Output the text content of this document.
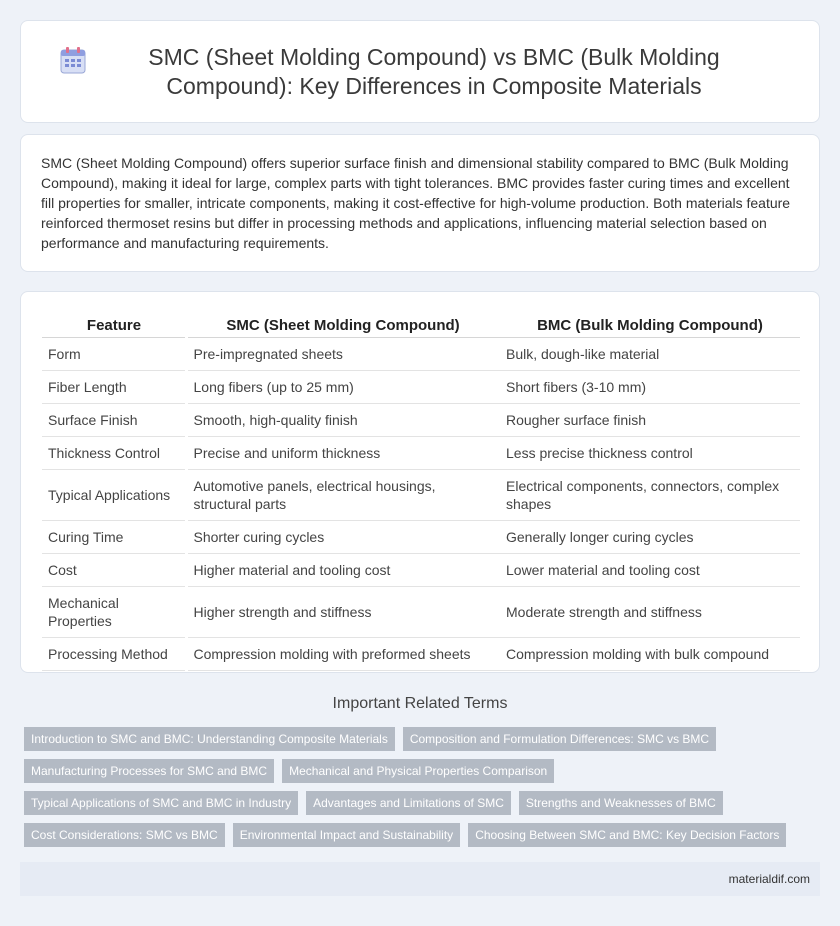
SMC (Sheet Molding Compound) vs BMC (Bulk Molding Compound): Key Differences in Composite Materials

SMC (Sheet Molding Compound) offers superior surface finish and dimensional stability compared to BMC (Bulk Molding Compound), making it ideal for large, complex parts with tight tolerances. BMC provides faster curing times and excellent fill properties for smaller, intricate components, making it cost-effective for high-volume production. Both materials feature reinforced thermoset resins but differ in processing methods and applications, influencing material selection based on performance and manufacturing requirements.

Feature	SMC (Sheet Molding Compound)	BMC (Bulk Molding Compound)
Form	Pre-impregnated sheets	Bulk, dough-like material
Fiber Length	Long fibers (up to 25 mm)	Short fibers (3-10 mm)
Surface Finish	Smooth, high-quality finish	Rougher surface finish
Thickness Control	Precise and uniform thickness	Less precise thickness control
Typical Applications	Automotive panels, electrical housings, structural parts	Electrical components, connectors, complex shapes
Curing Time	Shorter curing cycles	Generally longer curing cycles
Cost	Higher material and tooling cost	Lower material and tooling cost
Mechanical Properties	Higher strength and stiffness	Moderate strength and stiffness
Processing Method	Compression molding with preformed sheets	Compression molding with bulk compound
Important Related Terms
Introduction to SMC and BMC: Understanding Composite Materials	Composition and Formulation Differences: SMC vs BMC
Manufacturing Processes for SMC and BMC	Mechanical and Physical Properties Comparison
Typical Applications of SMC and BMC in Industry	Advantages and Limitations of SMC	Strengths and Weaknesses of BMC
Cost Considerations: SMC vs BMC	Environmental Impact and Sustainability	Choosing Between SMC and BMC: Key Decision Factors
materialdif.com
